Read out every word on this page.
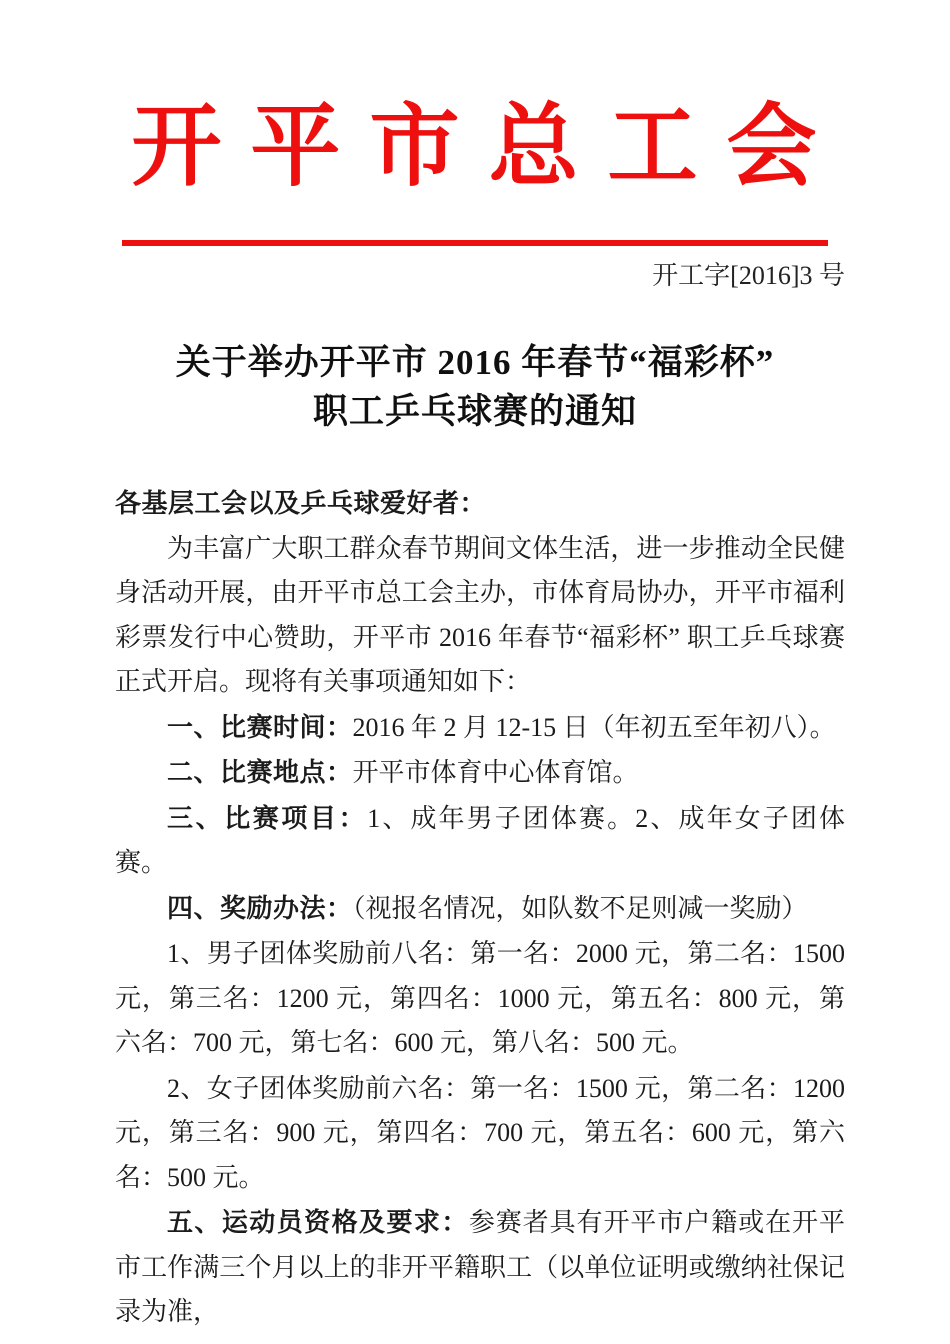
开 平 市 总 工 会
开工字[2016]3 号
关于举办开平市 2016 年春节“福彩杯”
职工乒乓球赛的通知
各基层工会以及乒乓球爱好者：

为丰富广大职工群众春节期间文体生活，进一步推动全民健身活动开展，由开平市总工会主办，市体育局协办，开平市福利彩票发行中心赞助，开平市 2016 年春节“福彩杯” 职工乒乓球赛正式开启。现将有关事项通知如下：

一、比赛时间：2016 年 2 月 12-15 日（年初五至年初八）。

二、比赛地点：开平市体育中心体育馆。

三、比赛项目：1、成年男子团体赛。2、成年女子团体赛。

四、奖励办法：（视报名情况，如队数不足则减一奖励）

1、男子团体奖励前八名：第一名：2000 元，第二名：1500 元，第三名：1200 元，第四名：1000 元，第五名：800 元，第六名：700 元，第七名：600 元，第八名：500 元。

2、女子团体奖励前六名：第一名：1500 元，第二名：1200 元，第三名：900 元，第四名：700 元，第五名：600 元，第六名：500 元。

五、运动员资格及要求：参赛者具有开平市户籍或在开平市工作满三个月以上的非开平籍职工（以单位证明或缴纳社保记录为准，
